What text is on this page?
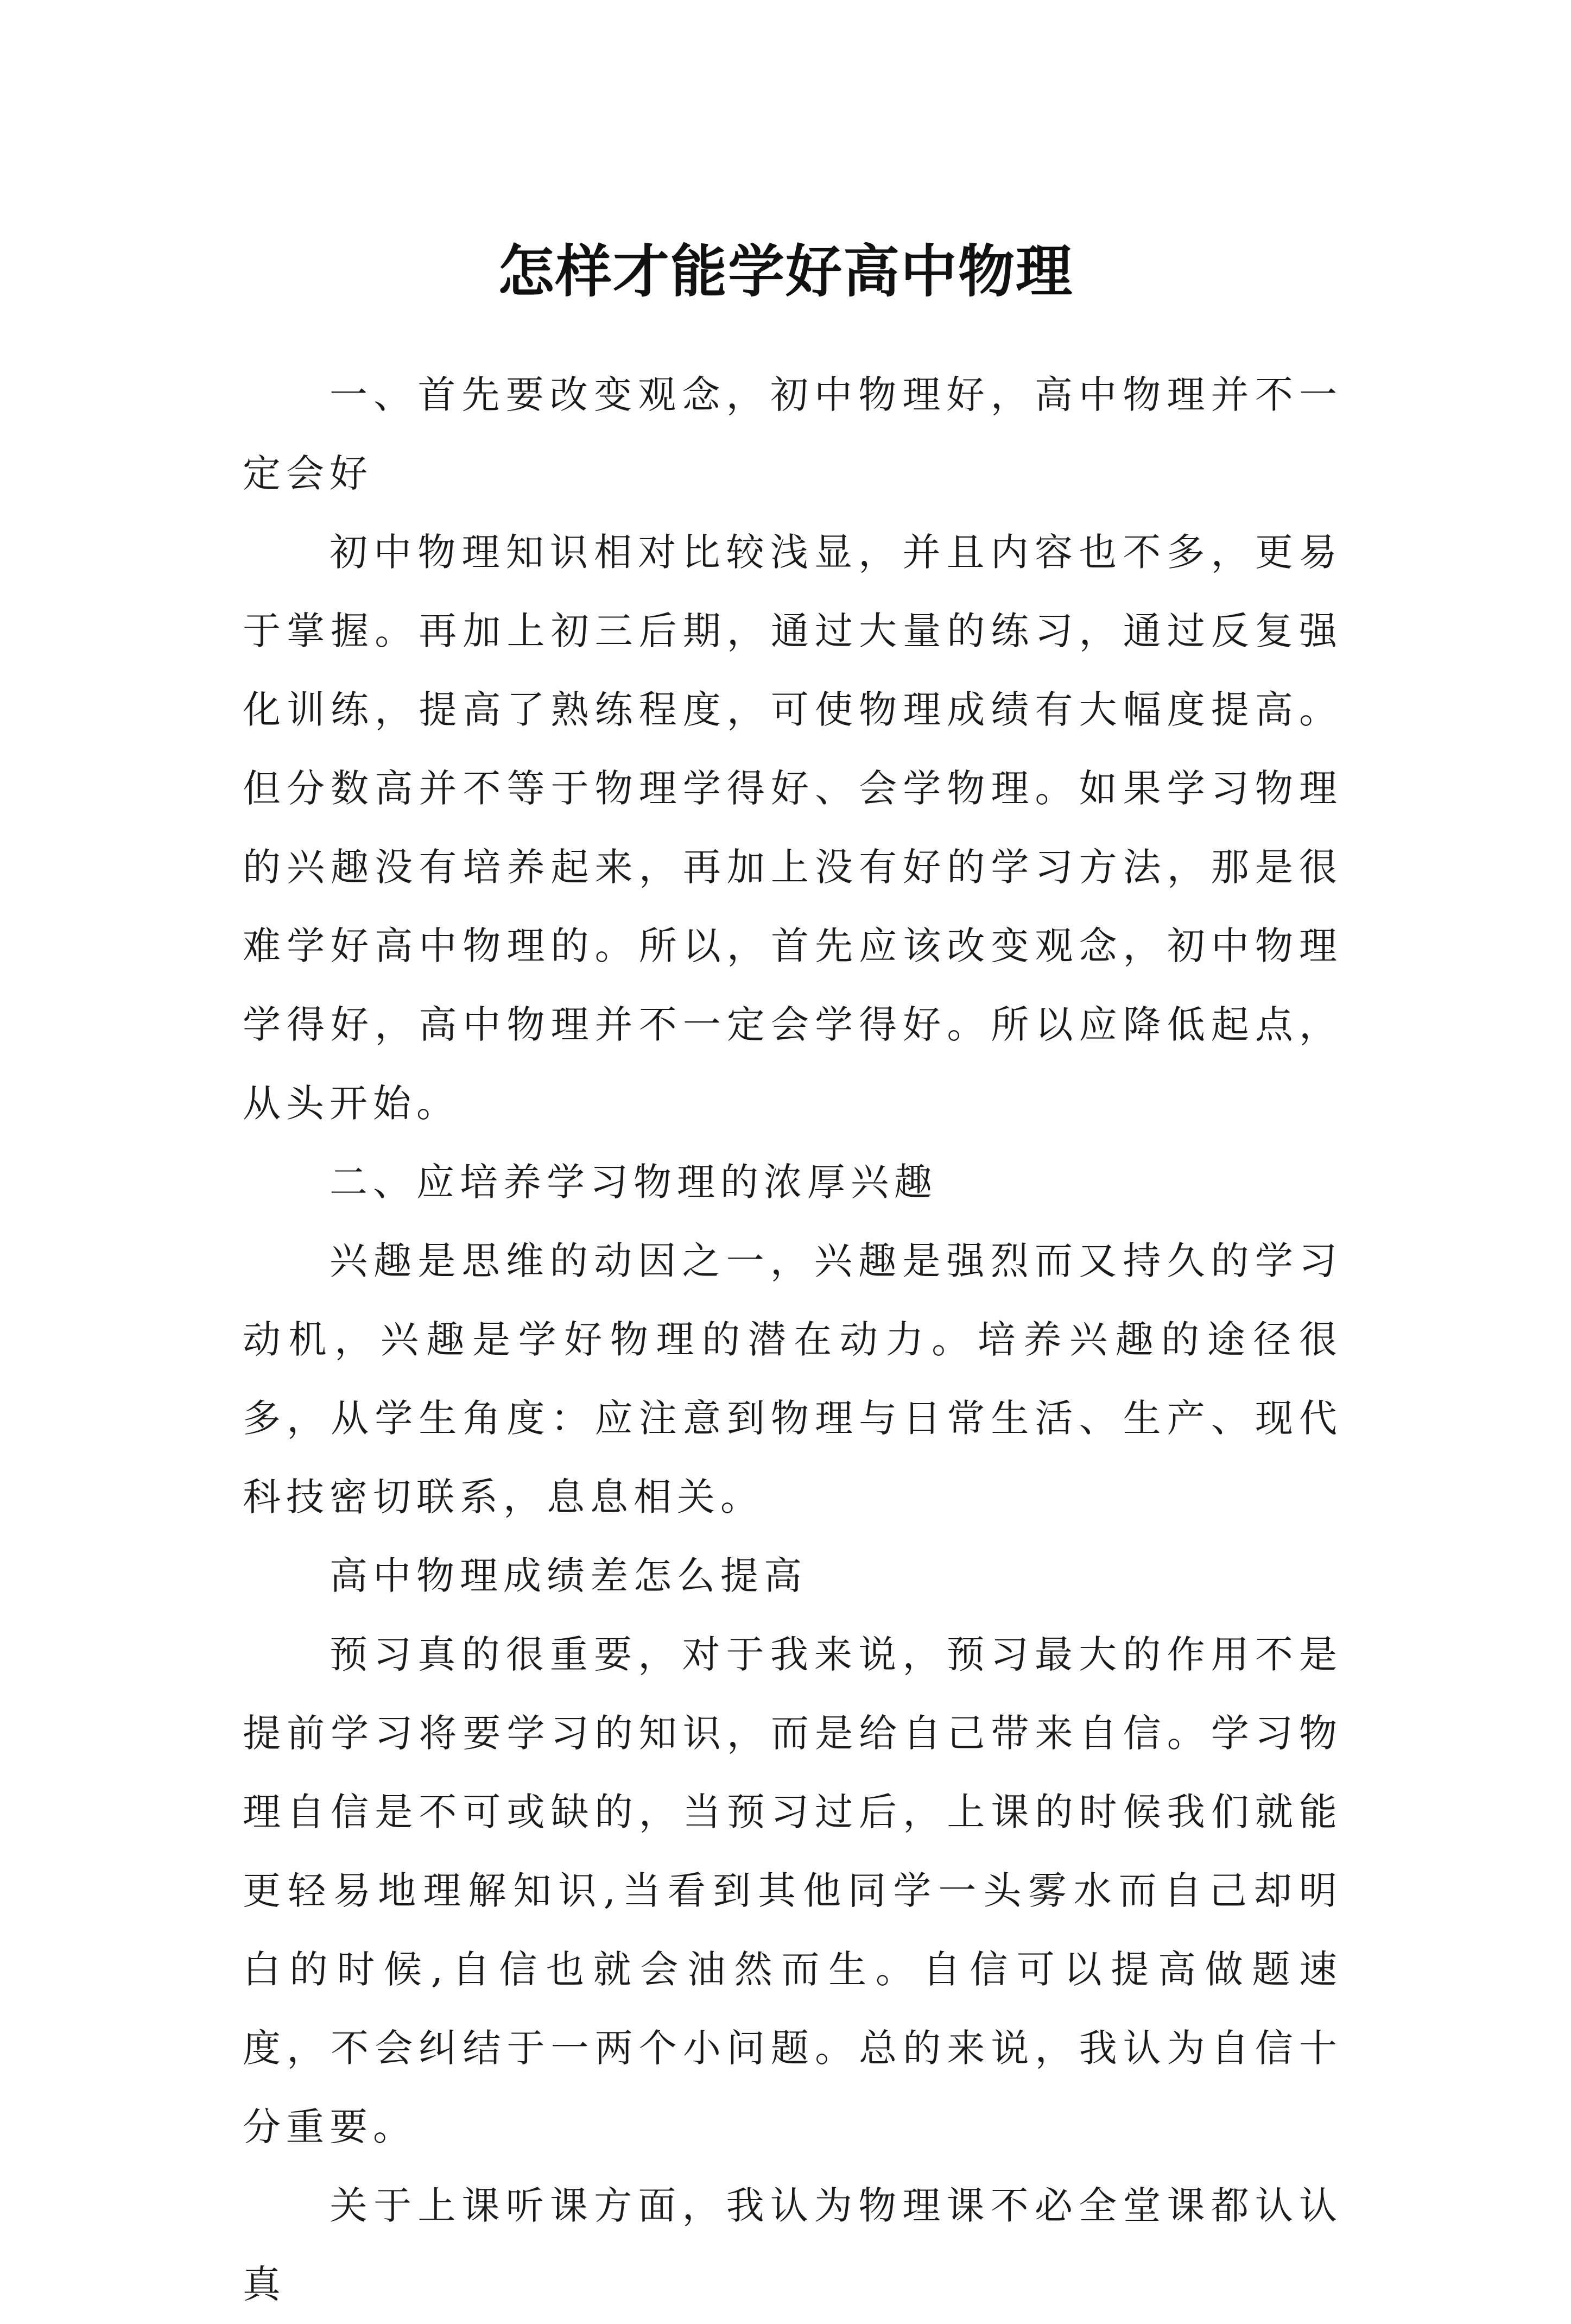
怎样才能学好高中物理

一、首先要改变观念，初中物理好，高中物理并不一定会好

初中物理知识相对比较浅显，并且内容也不多，更易于掌握。再加上初三后期，通过大量的练习，通过反复强化训练，提高了熟练程度，可使物理成绩有大幅度提高。但分数高并不等于物理学得好、会学物理。如果学习物理的兴趣没有培养起来，再加上没有好的学习方法，那是很难学好高中物理的。所以，首先应该改变观念，初中物理学得好，高中物理并不一定会学得好。所以应降低起点，从头开始。

二、应培养学习物理的浓厚兴趣

兴趣是思维的动因之一，兴趣是强烈而又持久的学习动机，兴趣是学好物理的潜在动力。培养兴趣的途径很多，从学生角度：应注意到物理与日常生活、生产、现代科技密切联系，息息相关。

高中物理成绩差怎么提高

预习真的很重要，对于我来说，预习最大的作用不是提前学习将要学习的知识，而是给自己带来自信。学习物理自信是不可或缺的，当预习过后，上课的时候我们就能更轻易地理解知识,当看到其他同学一头雾水而自己却明白的时候,自信也就会油然而生。自信可以提高做题速度，不会纠结于一两个小问题。总的来说，我认为自信十分重要。

关于上课听课方面，我认为物理课不必全堂课都认认真
